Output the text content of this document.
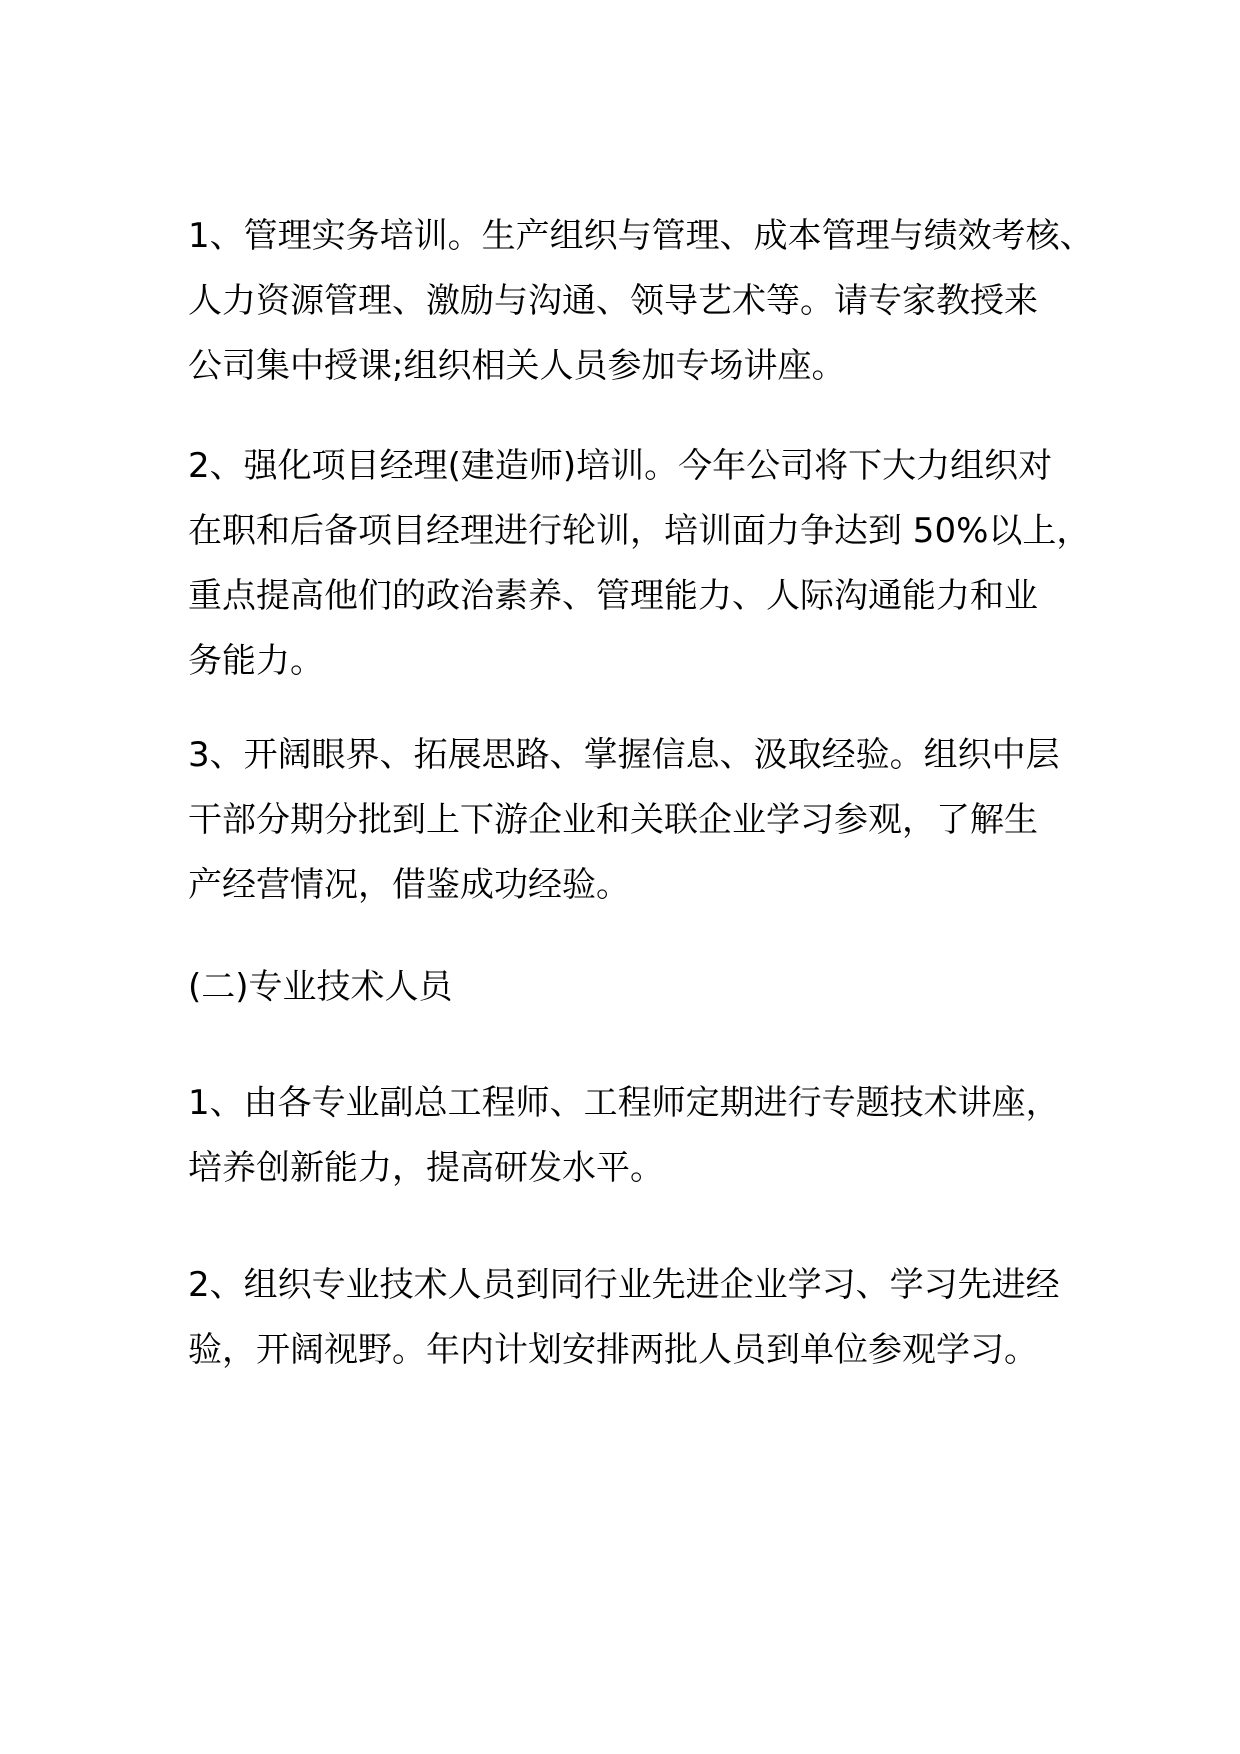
1、管理实务培训。生产组织与管理、成本管理与绩效考核、
人力资源管理、激励与沟通、领导艺术等。请专家教授来
公司集中授课;组织相关人员参加专场讲座。

2、强化项目经理(建造师)培训。今年公司将下大力组织对
在职和后备项目经理进行轮训，培训面力争达到 50%以上，
重点提高他们的政治素养、管理能力、人际沟通能力和业
务能力。

3、开阔眼界、拓展思路、掌握信息、汲取经验。组织中层
干部分期分批到上下游企业和关联企业学习参观，了解生
产经营情况，借鉴成功经验。

(二)专业技术人员

1、由各专业副总工程师、工程师定期进行专题技术讲座，
培养创新能力，提高研发水平。

2、组织专业技术人员到同行业先进企业学习、学习先进经
验，开阔视野。年内计划安排两批人员到单位参观学习。
